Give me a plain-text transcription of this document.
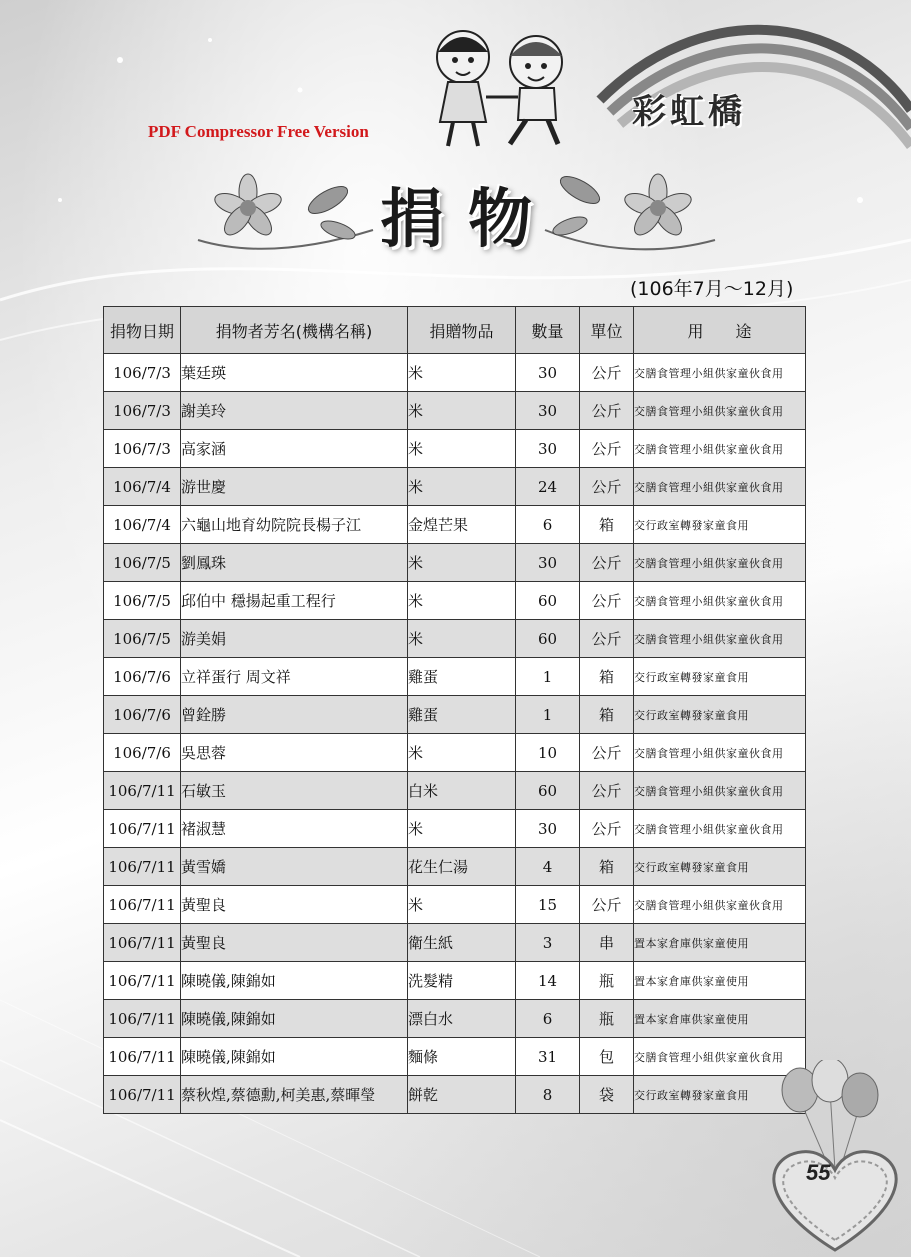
PDF Compressor Free Version	彩虹橋

捐物

(106年7月～12月)

捐物日期	捐物者芳名(機構名稱)	捐贈物品	數量	單位	用　　途
106/7/3	葉廷瑛	米	30	公斤	交膳食管理小組供家童伙食用
106/7/3	謝美玲	米	30	公斤	交膳食管理小組供家童伙食用
106/7/3	高家涵	米	30	公斤	交膳食管理小組供家童伙食用
106/7/4	游世慶	米	24	公斤	交膳食管理小組供家童伙食用
106/7/4	六龜山地育幼院院長楊子江	金煌芒果	6	箱	交行政室轉發家童食用
106/7/5	劉鳳珠	米	30	公斤	交膳食管理小組供家童伙食用
106/7/5	邱伯中 穩揚起重工程行	米	60	公斤	交膳食管理小組供家童伙食用
106/7/5	游美娟	米	60	公斤	交膳食管理小組供家童伙食用
106/7/6	立祥蛋行 周文祥	雞蛋	1	箱	交行政室轉發家童食用
106/7/6	曾銓勝	雞蛋	1	箱	交行政室轉發家童食用
106/7/6	吳思蓉	米	10	公斤	交膳食管理小組供家童伙食用
106/7/11	石敏玉	白米	60	公斤	交膳食管理小組供家童伙食用
106/7/11	褚淑慧	米	30	公斤	交膳食管理小組供家童伙食用
106/7/11	黃雪嬌	花生仁湯	4	箱	交行政室轉發家童食用
106/7/11	黃聖良	米	15	公斤	交膳食管理小組供家童伙食用
106/7/11	黃聖良	衛生紙	3	串	置本家倉庫供家童使用
106/7/11	陳曉儀,陳錦如	洗髮精	14	瓶	置本家倉庫供家童使用
106/7/11	陳曉儀,陳錦如	漂白水	6	瓶	置本家倉庫供家童使用
106/7/11	陳曉儀,陳錦如	麵條	31	包	交膳食管理小組供家童伙食用
106/7/11	蔡秋煌,蔡德勳,柯美惠,蔡暉瑩	餅乾	8	袋	交行政室轉發家童食用

55
